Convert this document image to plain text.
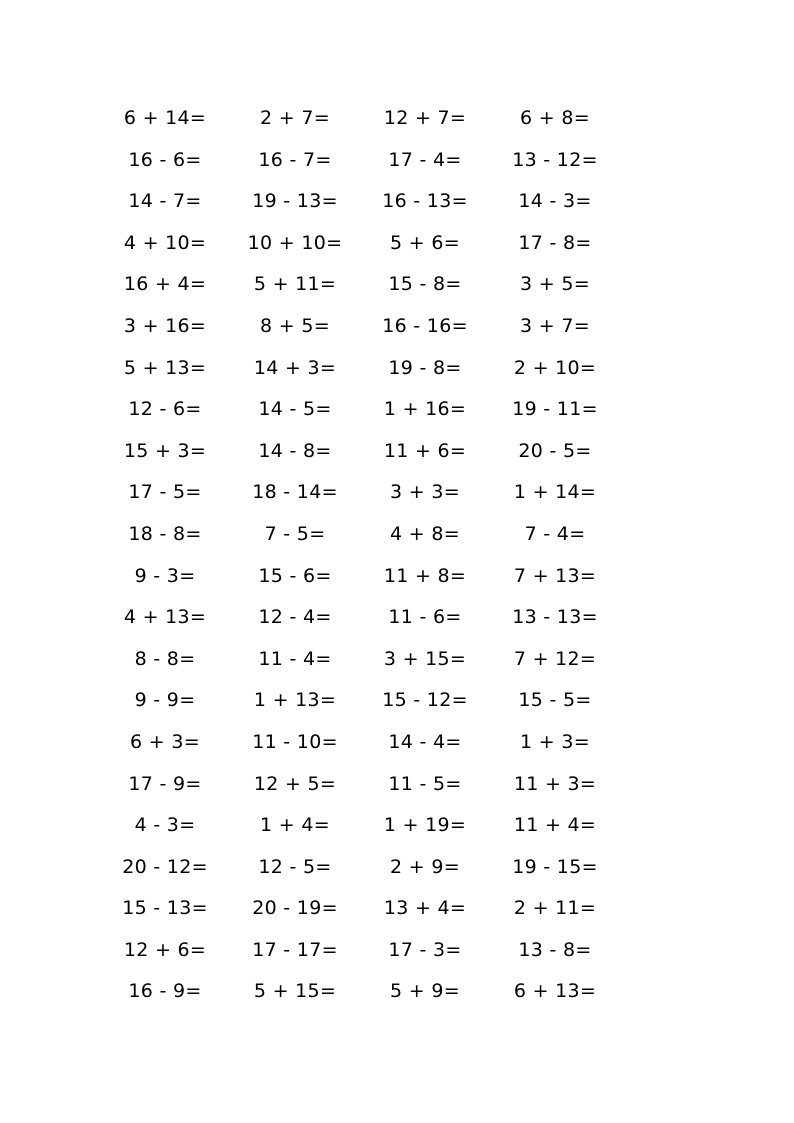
6 + 14=	2 + 7=	12 + 7=	6 + 8=
16 - 6=	16 - 7=	17 - 4=	13 - 12=
14 - 7=	19 - 13=	16 - 13=	14 - 3=
4 + 10=	10 + 10=	5 + 6=	17 - 8=
16 + 4=	5 + 11=	15 - 8=	3 + 5=
3 + 16=	8 + 5=	16 - 16=	3 + 7=
5 + 13=	14 + 3=	19 - 8=	2 + 10=
12 - 6=	14 - 5=	1 + 16=	19 - 11=
15 + 3=	14 - 8=	11 + 6=	20 - 5=
17 - 5=	18 - 14=	3 + 3=	1 + 14=
18 - 8=	7 - 5=	4 + 8=	7 - 4=
9 - 3=	15 - 6=	11 + 8=	7 + 13=
4 + 13=	12 - 4=	11 - 6=	13 - 13=
8 - 8=	11 - 4=	3 + 15=	7 + 12=
9 - 9=	1 + 13=	15 - 12=	15 - 5=
6 + 3=	11 - 10=	14 - 4=	1 + 3=
17 - 9=	12 + 5=	11 - 5=	11 + 3=
4 - 3=	1 + 4=	1 + 19=	11 + 4=
20 - 12=	12 - 5=	2 + 9=	19 - 15=
15 - 13=	20 - 19=	13 + 4=	2 + 11=
12 + 6=	17 - 17=	17 - 3=	13 - 8=
16 - 9=	5 + 15=	5 + 9=	6 + 13=
